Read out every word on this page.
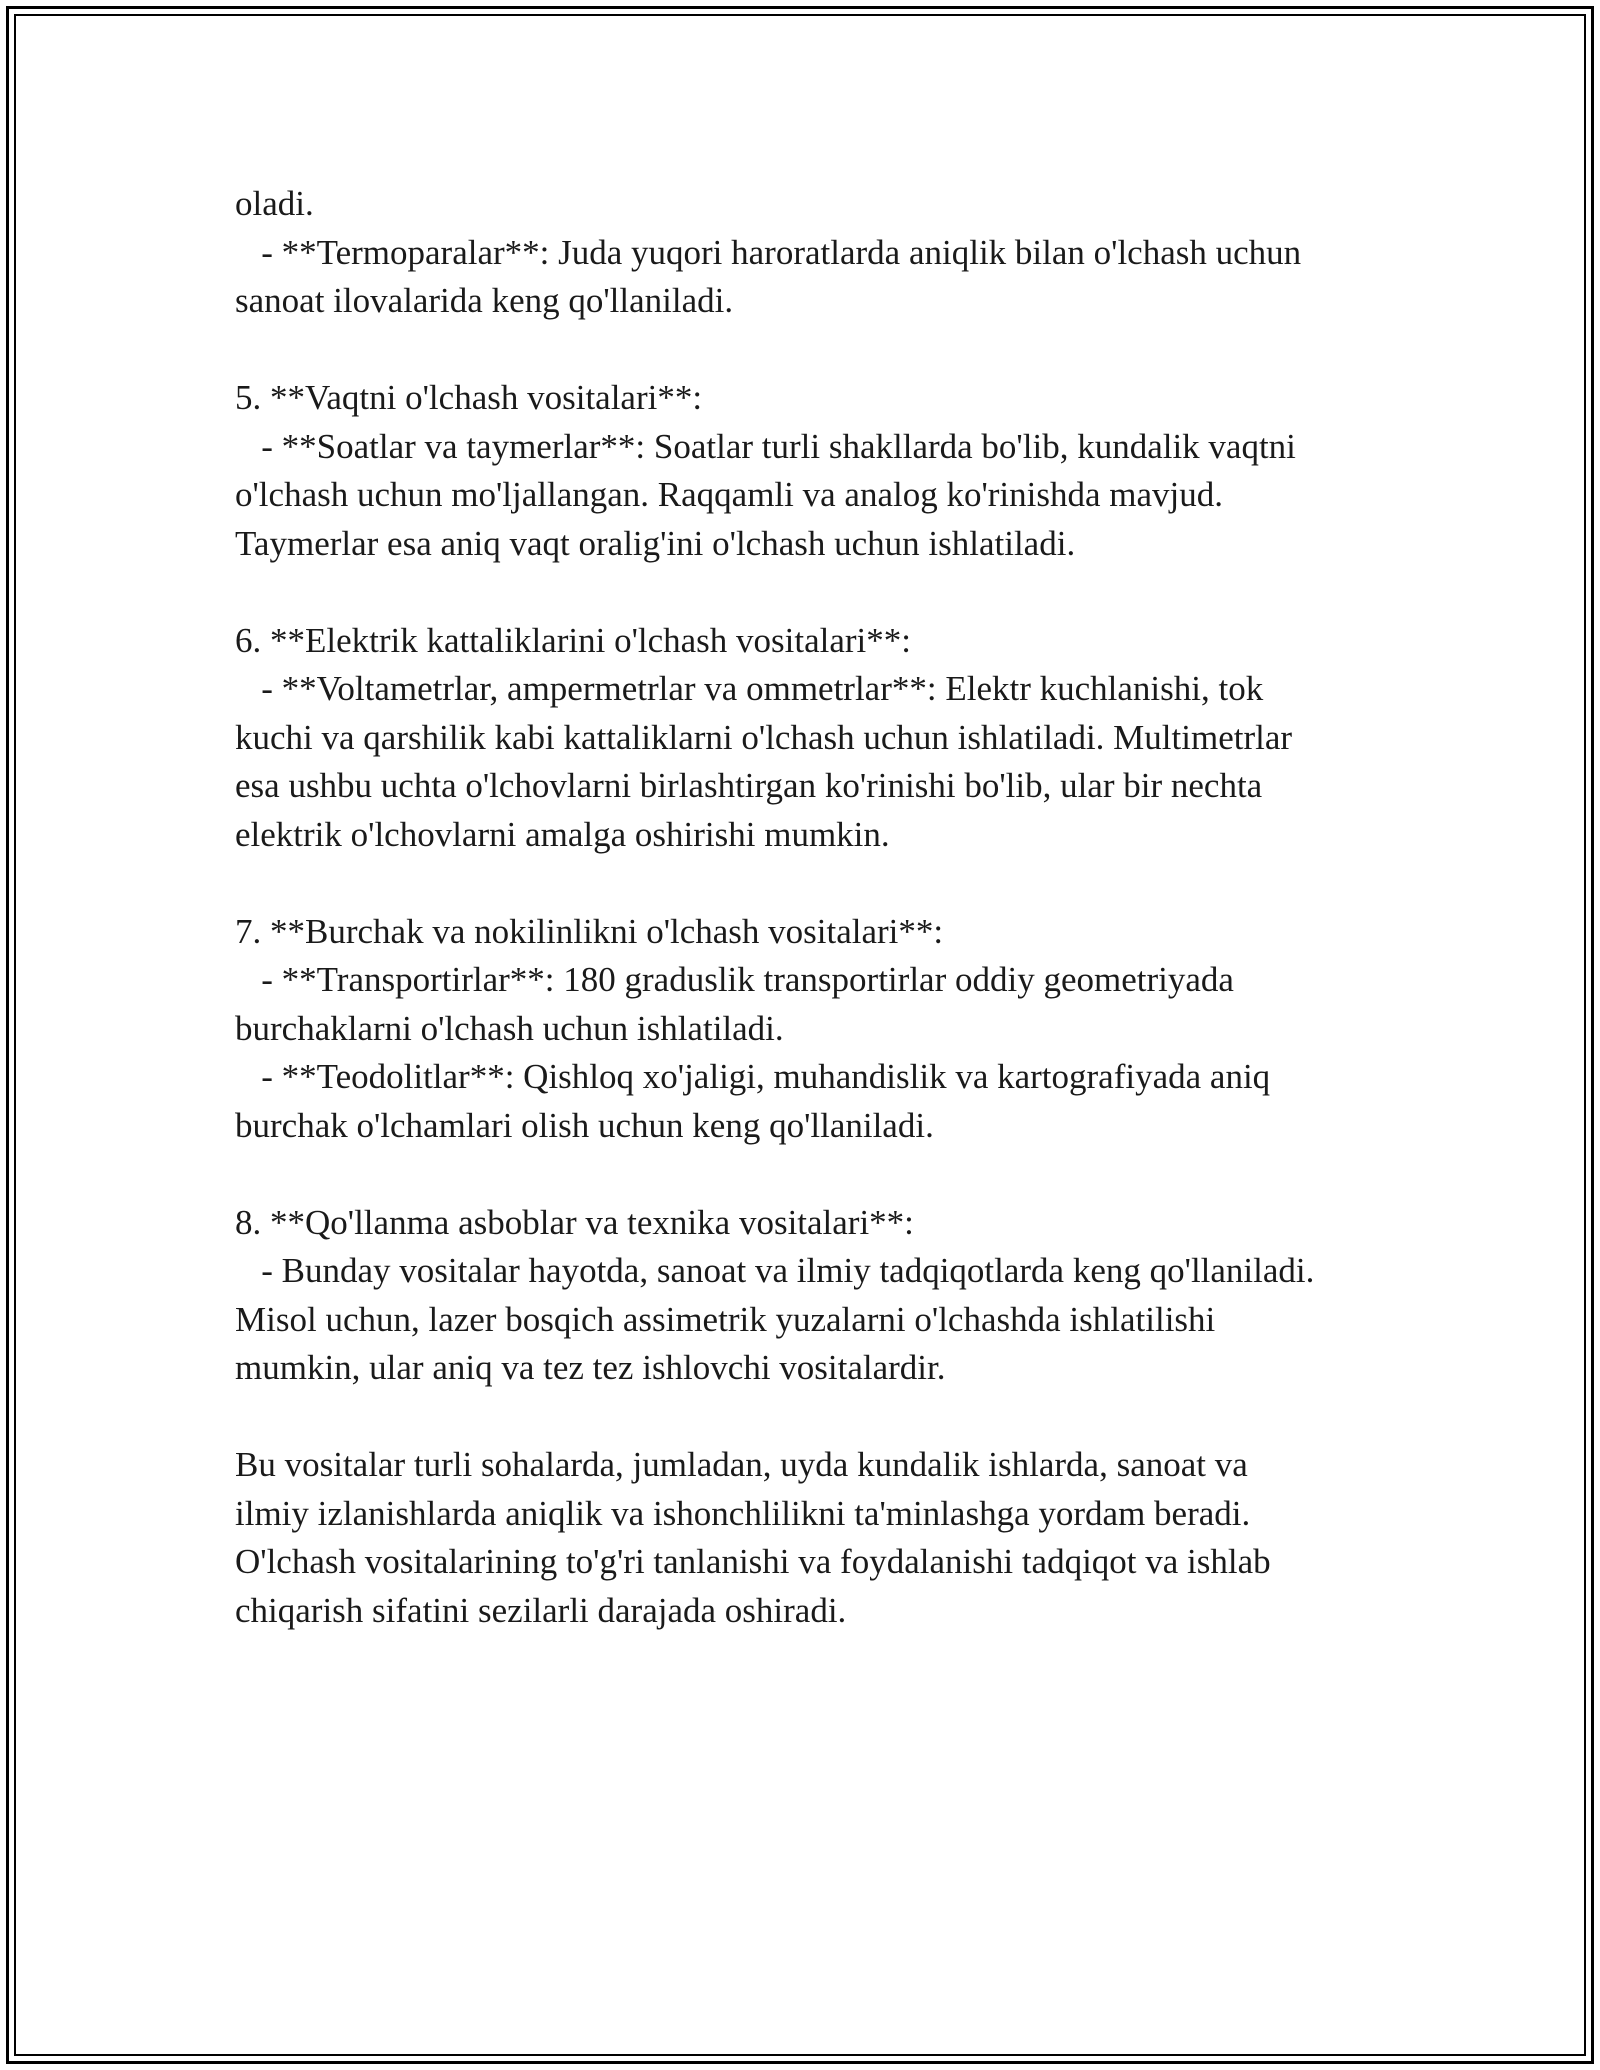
oladi.
- **Termoparalar**: Juda yuqori haroratlarda aniqlik bilan o'lchash uchun
sanoat ilovalarida keng qo'llaniladi.
5. **Vaqtni o'lchash vositalari**:
- **Soatlar va taymerlar**: Soatlar turli shakllarda bo'lib, kundalik vaqtni
o'lchash uchun mo'ljallangan. Raqqamli va analog ko'rinishda mavjud.
Taymerlar esa aniq vaqt oralig'ini o'lchash uchun ishlatiladi.
6. **Elektrik kattaliklarini o'lchash vositalari**:
- **Voltametrlar, ampermetrlar va ommetrlar**: Elektr kuchlanishi, tok
kuchi va qarshilik kabi kattaliklarni o'lchash uchun ishlatiladi. Multimetrlar
esa ushbu uchta o'lchovlarni birlashtirgan ko'rinishi bo'lib, ular bir nechta
elektrik o'lchovlarni amalga oshirishi mumkin.
7. **Burchak va nokilinlikni o'lchash vositalari**:
- **Transportirlar**: 180 graduslik transportirlar oddiy geometriyada
burchaklarni o'lchash uchun ishlatiladi.
- **Teodolitlar**: Qishloq xo'jaligi, muhandislik va kartografiyada aniq
burchak o'lchamlari olish uchun keng qo'llaniladi.
8. **Qo'llanma asboblar va texnika vositalari**:
- Bunday vositalar hayotda, sanoat va ilmiy tadqiqotlarda keng qo'llaniladi.
Misol uchun, lazer bosqich assimetrik yuzalarni o'lchashda ishlatilishi
mumkin, ular aniq va tez tez ishlovchi vositalardir.
Bu vositalar turli sohalarda, jumladan, uyda kundalik ishlarda, sanoat va
ilmiy izlanishlarda aniqlik va ishonchlilikni ta'minlashga yordam beradi.
O'lchash vositalarining to'g'ri tanlanishi va foydalanishi tadqiqot va ishlab
chiqarish sifatini sezilarli darajada oshiradi.
